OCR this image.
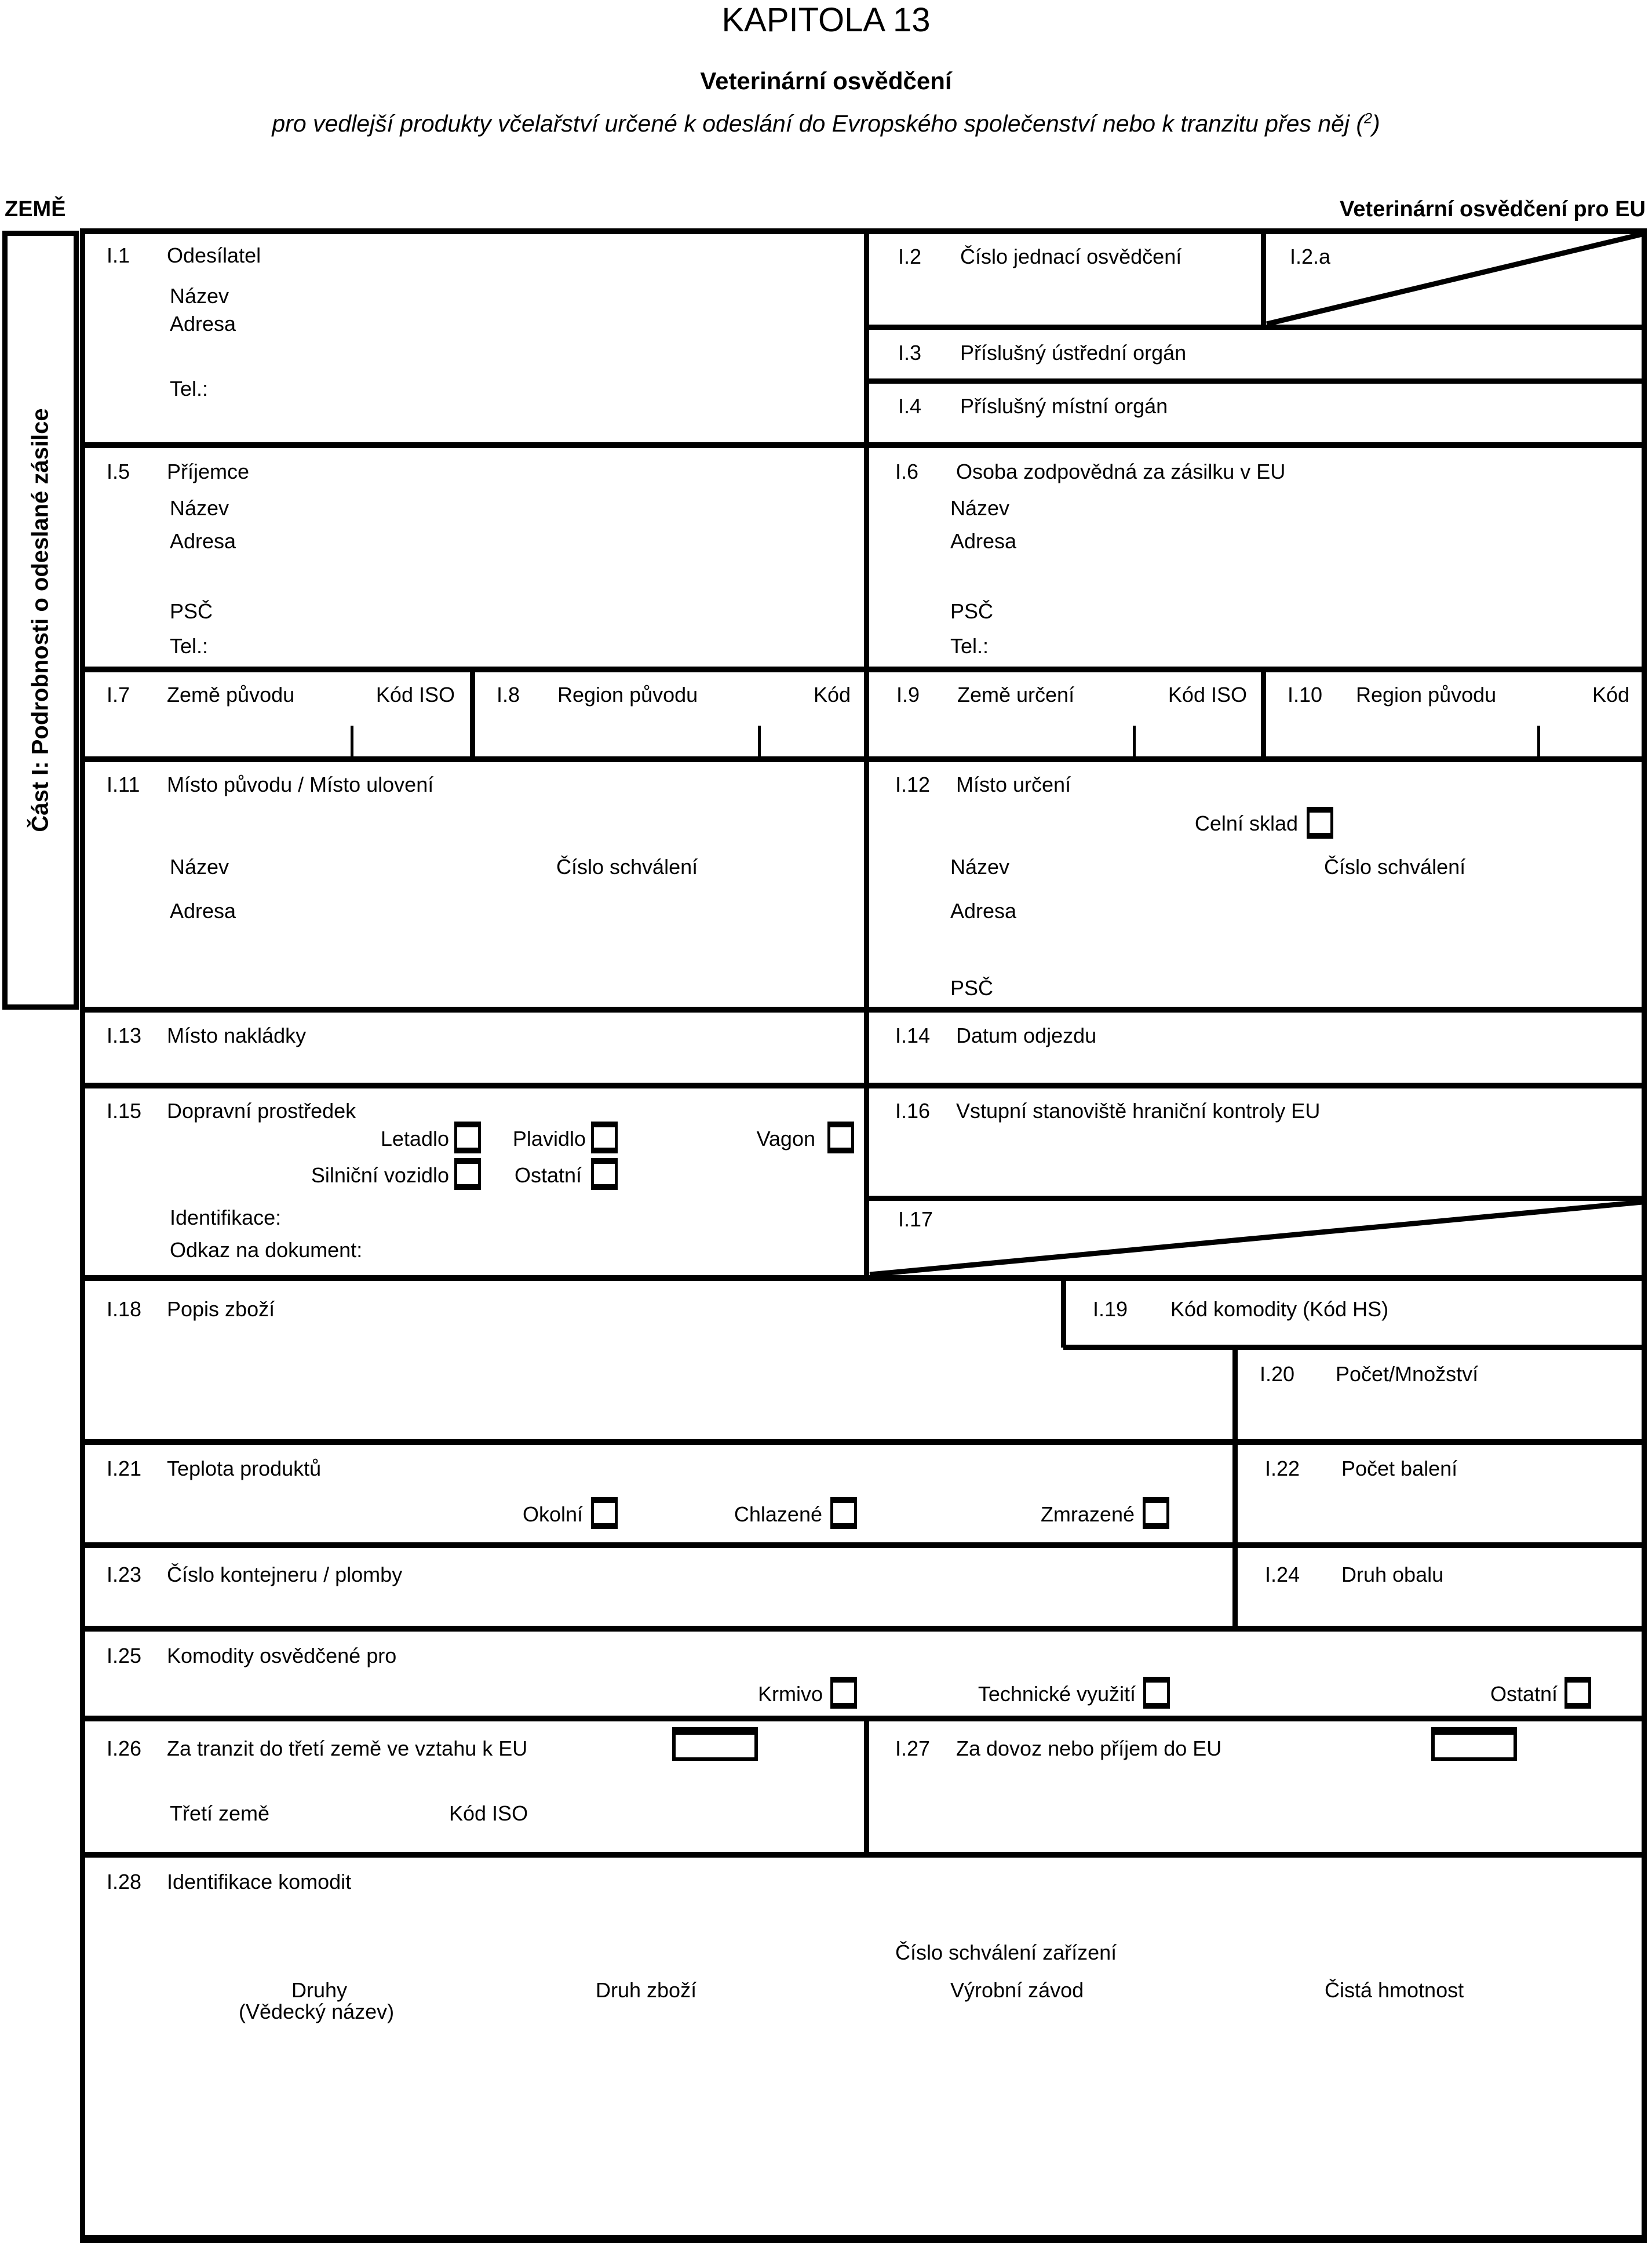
KAPITOLA 13
Veterinární osvědčení
pro vedlejší produkty včelařství určené k odeslání do Evropského společenství nebo k tranzitu přes něj ($^2$)
ZEMĚ	Veterinární osvědčení pro EU
Část I: Podrobnosti o odeslané zásilce
I.1 Odesílatel
Název
Adresa
Tel.:
I.2 Číslo jednací osvědčení	I.2.a
I.3 Příslušný ústřední orgán
I.4 Příslušný místní orgán
I.5 Příjemce
Název
Adresa
PSČ
Tel.:
I.6 Osoba zodpovědná za zásilku v EU
Název
Adresa
PSČ
Tel.:
I.7 Země původu	Kód ISO I.8 Region původu	Kód I.9 Země určení	Kód ISO I.10 Region původu	Kód
I.11 Místo původu / Místo ulovení
Název	Číslo schválení
Adresa
I.12 Místo určení
Celní sklad
Název	Číslo schválení
Adresa
PSČ
I.13 Místo nakládky	I.14 Datum odjezdu
I.15 Dopravní prostředek
Letadlo	Plavidlo	Vagon
Silniční vozidlo	Ostatní
Identifikace:
Odkaz na dokument:
I.16 Vstupní stanoviště hraniční kontroly EU
I.17
I.18 Popis zboží	I.19 Kód komodity (Kód HS)
I.20 Počet/Množství
I.21 Teplota produktů
Okolní	Chlazené	Zmrazené
I.22 Počet balení
I.23 Číslo kontejneru / plomby	I.24 Druh obalu
I.25 Komodity osvědčené pro
Krmivo	Technické využití	Ostatní
I.26 Za tranzit do třetí země ve vztahu k EU
Třetí země	Kód ISO
I.27 Za dovoz nebo příjem do EU
I.28 Identifikace komodit
Číslo schválení zařízení
Druhy	Druh zboží	Výrobní závod	Čistá hmotnost
(Vědecký název)
